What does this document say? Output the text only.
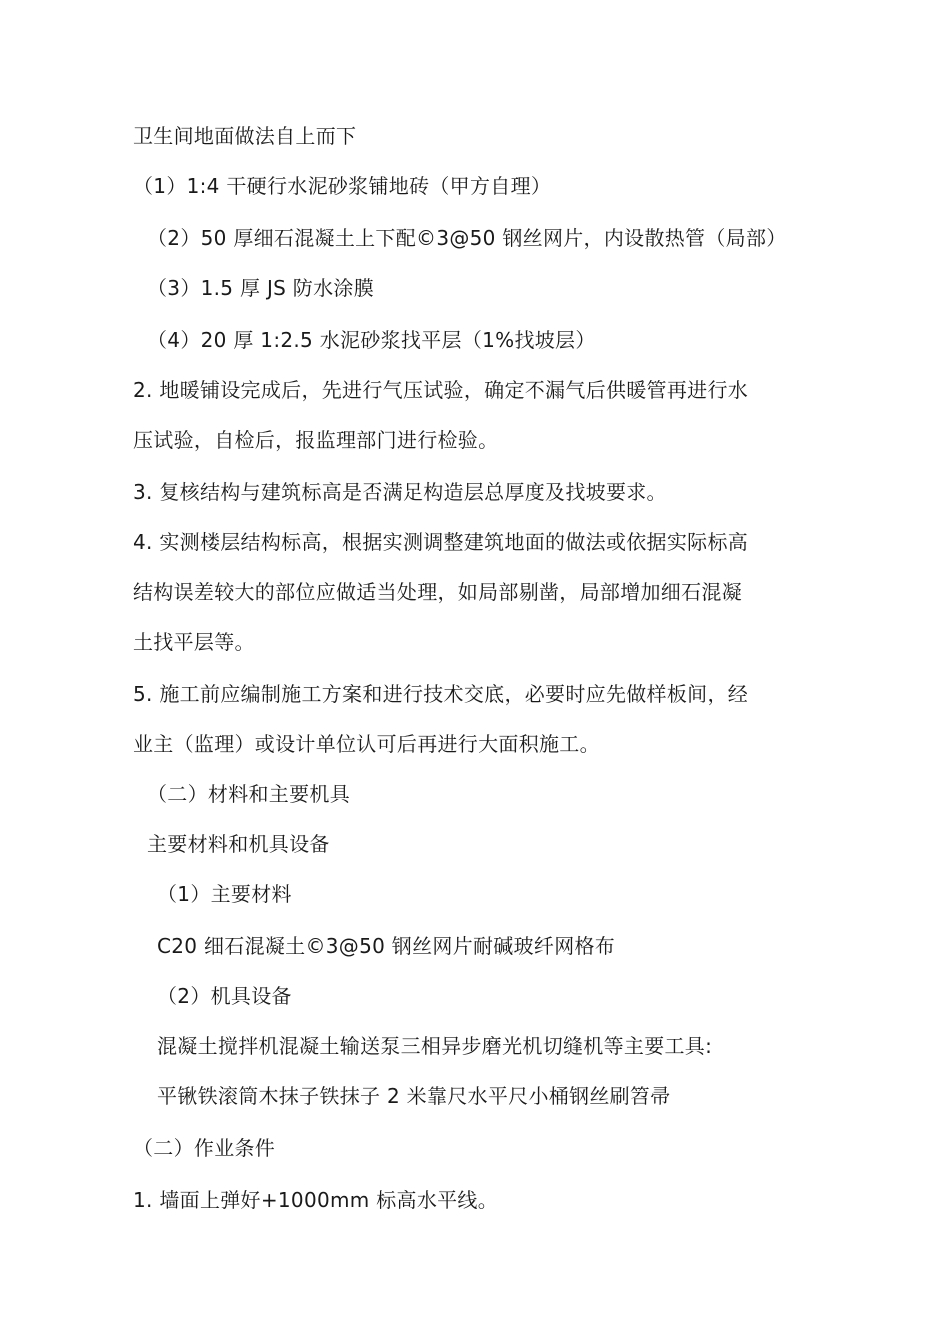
卫生间地面做法自上而下
（1）1:4 干硬行水泥砂浆铺地砖（甲方自理）
（2）50 厚细石混凝土上下配©3@50 钢丝网片，内设散热管（局部）
（3）1.5 厚 JS 防水涂膜
（4）20 厚 1:2.5 水泥砂浆找平层（1%找坡层）
2. 地暖铺设完成后，先进行气压试验，确定不漏气后供暖管再进行水
压试验，自检后，报监理部门进行检验。
3. 复核结构与建筑标高是否满足构造层总厚度及找坡要求。
4. 实测楼层结构标高，根据实测调整建筑地面的做法或依据实际标高
结构误差较大的部位应做适当处理，如局部剔凿，局部增加细石混凝
土找平层等。
5. 施工前应编制施工方案和进行技术交底，必要时应先做样板间，经
业主（监理）或设计单位认可后再进行大面积施工。
（二）材料和主要机具
主要材料和机具设备
（1）主要材料
C20 细石混凝土©3@50 钢丝网片耐碱玻纤网格布
（2）机具设备
混凝土搅拌机混凝土输送泵三相异步磨光机切缝机等主要工具:
平锹铁滚筒木抹子铁抹子 2 米靠尺水平尺小桶钢丝刷笤帚
（二）作业条件
1. 墙面上弹好+1000mm 标高水平线。
